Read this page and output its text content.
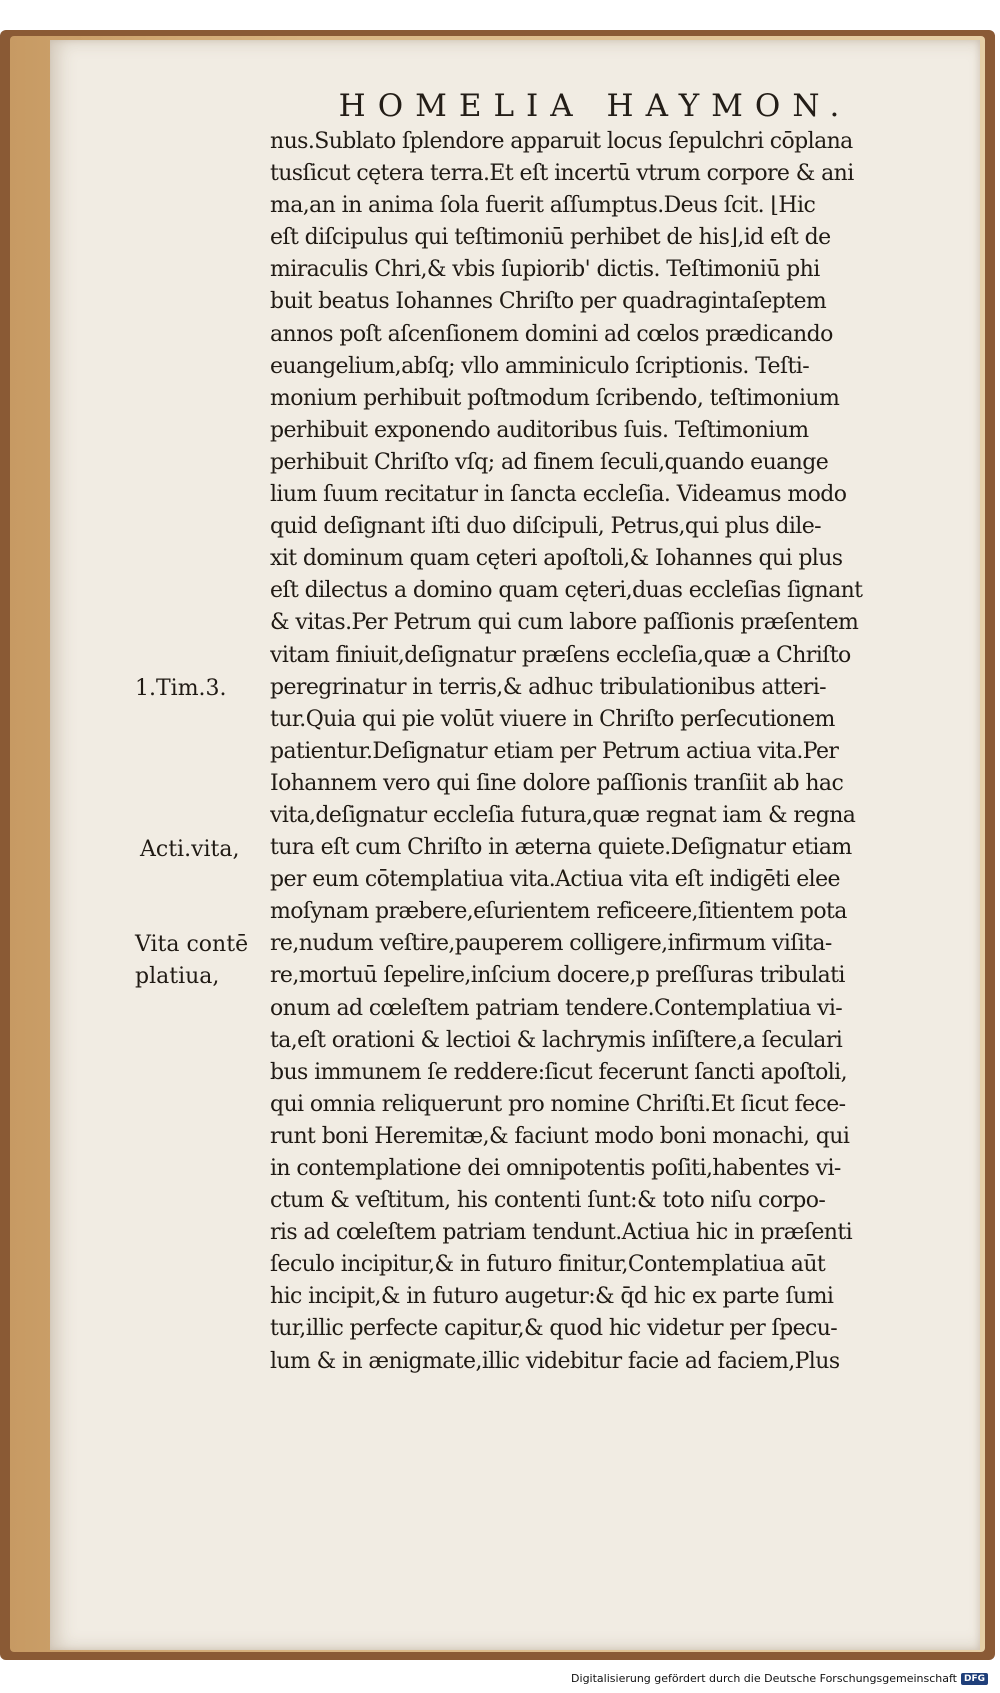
HOMELIA HAYMON.
1.Tim.3.
Acti.vita,
Vita contē
platiua,
nus.Sublato ſplendore apparuit locus ſepulchri cōplana
tusſicut cętera terra.Et eſt incertū vtrum corpore & ani
ma,an in anima ſola fuerit aſſumptus.Deus ſcit. ⌊Hic
eſt diſcipulus qui teſtimoniū perhibet de his⌋,id eſt de
miraculis Chri,& vbis ſupiorib' dictis. Teſtimoniū phi
buit beatus Iohannes Chriſto per quadragintaſeptem
annos poſt aſcenſionem domini ad cœlos prædicando
euangelium,abſq; vllo amminiculo ſcriptionis. Teſti-
monium perhibuit poſtmodum ſcribendo, teſtimonium
perhibuit exponendo auditoribus ſuis. Teſtimonium
perhibuit Chriſto vſq; ad finem ſeculi,quando euange
lium ſuum recitatur in ſancta eccleſia. Videamus modo
quid deſignant iſti duo diſcipuli, Petrus,qui plus dile-
xit dominum quam cęteri apoſtoli,& Iohannes qui plus
eſt dilectus a domino quam cęteri,duas eccleſias ſignant
& vitas.Per Petrum qui cum labore paſſionis præſentem
vitam finiuit,deſignatur præſens eccleſia,quæ a Chriſto
peregrinatur in terris,& adhuc tribulationibus atteri-
tur.Quia qui pie volūt viuere in Chriſto perſecutionem
patientur.Deſignatur etiam per Petrum actiua vita.Per
Iohannem vero qui ſine dolore paſſionis tranſiit ab hac
vita,deſignatur eccleſia futura,quæ regnat iam & regna
tura eſt cum Chriſto in æterna quiete.Deſignatur etiam
per eum cōtemplatiua vita.Actiua vita eſt indigēti elee
moſynam præbere,eſurientem reficeere,ſitientem pota
re,nudum veſtire,pauperem colligere,infirmum viſita-
re,mortuū ſepelire,inſcium docere,p preſſuras tribulati
onum ad cœleſtem patriam tendere.Contemplatiua vi-
ta,eſt orationi & lectioi & lachrymis inſiſtere,a ſeculari
bus immunem ſe reddere:ſicut fecerunt ſancti apoſtoli,
qui omnia reliquerunt pro nomine Chriſti.Et ſicut fece-
runt boni Heremitæ,& faciunt modo boni monachi, qui
in contemplatione dei omnipotentis poſiti,habentes vi-
ctum & veſtitum, his contenti ſunt:& toto niſu corpo-
ris ad cœleſtem patriam tendunt.Actiua hic in præſenti
ſeculo incipitur,& in futuro finitur,Contemplatiua aūt
hic incipit,& in futuro augetur:& q̄d hic ex parte ſumi
tur,illic perfecte capitur,& quod hic videtur per ſpecu-
lum & in ænigmate,illic videbitur facie ad faciem,Plus
Digitalisierung gefördert durch die Deutsche Forschungsgemeinschaft DFG
